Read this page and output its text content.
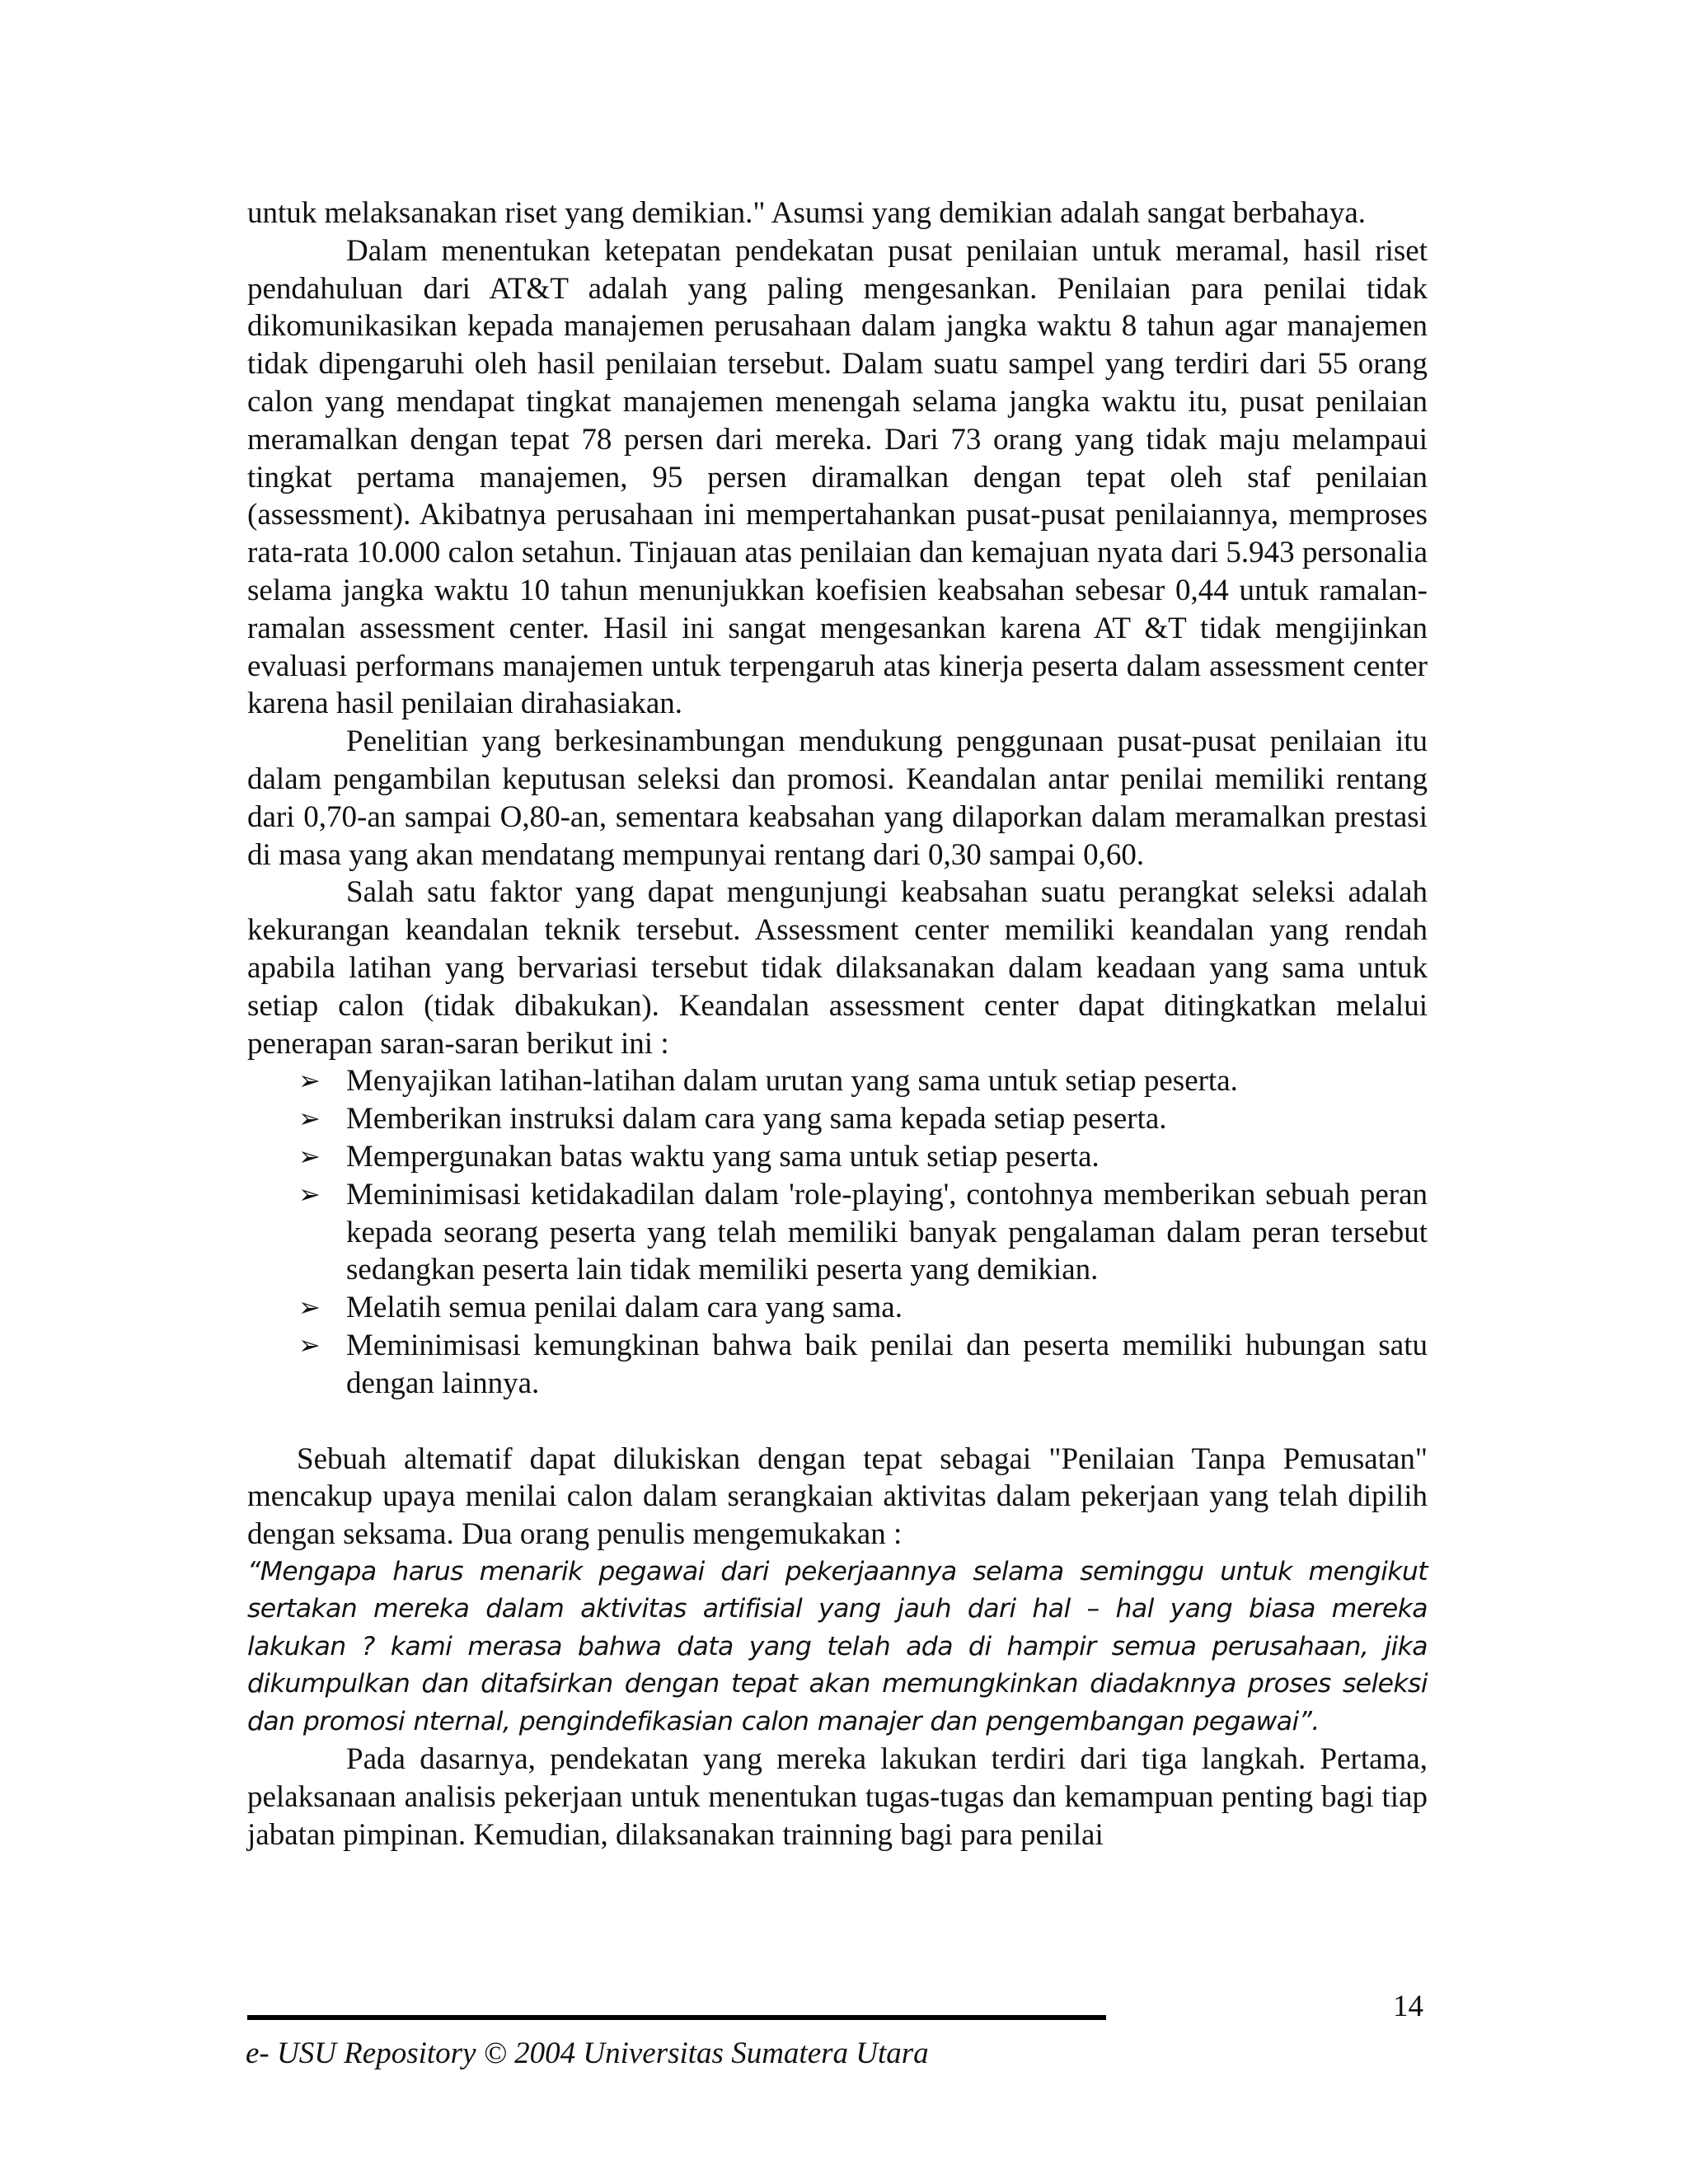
untuk melaksanakan riset yang demikian." Asumsi yang demikian adalah sangat berbahaya.

Dalam menentukan ketepatan pendekatan pusat penilaian untuk meramal, hasil riset pendahuluan dari AT&T adalah yang paling mengesankan. Penilaian para penilai tidak dikomunikasikan kepada manajemen perusahaan dalam jangka waktu 8 tahun agar manajemen tidak dipengaruhi oleh hasil penilaian tersebut. Dalam suatu sampel yang terdiri dari 55 orang calon yang mendapat tingkat manajemen menengah selama jangka waktu itu, pusat penilaian meramalkan dengan tepat 78 persen dari mereka. Dari 73 orang yang tidak maju melampaui tingkat pertama manajemen, 95 persen diramalkan dengan tepat oleh staf penilaian (assessment). Akibatnya perusahaan ini mempertahankan pusat-pusat penilaiannya, memproses rata-rata 10.000 calon setahun. Tinjauan atas penilaian dan kemajuan nyata dari 5.943 personalia selama jangka waktu 10 tahun menunjukkan koefisien keabsahan sebesar 0,44 untuk ramalan-ramalan assessment center. Hasil ini sangat mengesankan karena AT &T tidak mengijinkan evaluasi performans manajemen untuk terpengaruh atas kinerja peserta dalam assessment center karena hasil penilaian dirahasiakan.

Penelitian yang berkesinambungan mendukung penggunaan pusat-pusat penilaian itu dalam pengambilan keputusan seleksi dan promosi. Keandalan antar penilai memiliki rentang dari 0,70-an sampai O,80-an, sementara keabsahan yang dilaporkan dalam meramalkan prestasi di masa yang akan mendatang mempunyai rentang dari 0,30 sampai 0,60.

Salah satu faktor yang dapat mengunjungi keabsahan suatu perangkat seleksi adalah kekurangan keandalan teknik tersebut. Assessment center memiliki keandalan yang rendah apabila latihan yang bervariasi tersebut tidak dilaksanakan dalam keadaan yang sama untuk setiap calon (tidak dibakukan). Keandalan assessment center dapat ditingkatkan melalui penerapan saran-saran berikut ini :

➢ Menyajikan latihan-latihan dalam urutan yang sama untuk setiap peserta.
➢ Memberikan instruksi dalam cara yang sama kepada setiap peserta.
➢ Mempergunakan batas waktu yang sama untuk setiap peserta.
➢ Meminimisasi ketidakadilan dalam 'role-playing', contohnya memberikan sebuah peran kepada seorang peserta yang telah memiliki banyak pengalaman dalam peran tersebut sedangkan peserta lain tidak memiliki peserta yang demikian.
➢ Melatih semua penilai dalam cara yang sama.
➢ Meminimisasi kemungkinan bahwa baik penilai dan peserta memiliki hubungan satu dengan lainnya.

Sebuah altematif dapat dilukiskan dengan tepat sebagai "Penilaian Tanpa Pemusatan" mencakup upaya menilai calon dalam serangkaian aktivitas dalam pekerjaan yang telah dipilih dengan seksama. Dua orang penulis mengemukakan :

“Mengapa harus menarik pegawai dari pekerjaannya selama seminggu untuk mengikut sertakan mereka dalam aktivitas artifisial yang jauh dari hal – hal yang biasa mereka lakukan ? kami merasa bahwa data yang telah ada di hampir semua perusahaan, jika dikumpulkan dan ditafsirkan dengan tepat akan memungkinkan diadaknnya proses seleksi dan promosi nternal, pengindefikasian calon manajer dan pengembangan pegawai”.

Pada dasarnya, pendekatan yang mereka lakukan terdiri dari tiga langkah. Pertama, pelaksanaan analisis pekerjaan untuk menentukan tugas-tugas dan kemampuan penting bagi tiap jabatan pimpinan. Kemudian, dilaksanakan trainning bagi para penilai

14
e- USU Repository © 2004 Universitas Sumatera Utara
